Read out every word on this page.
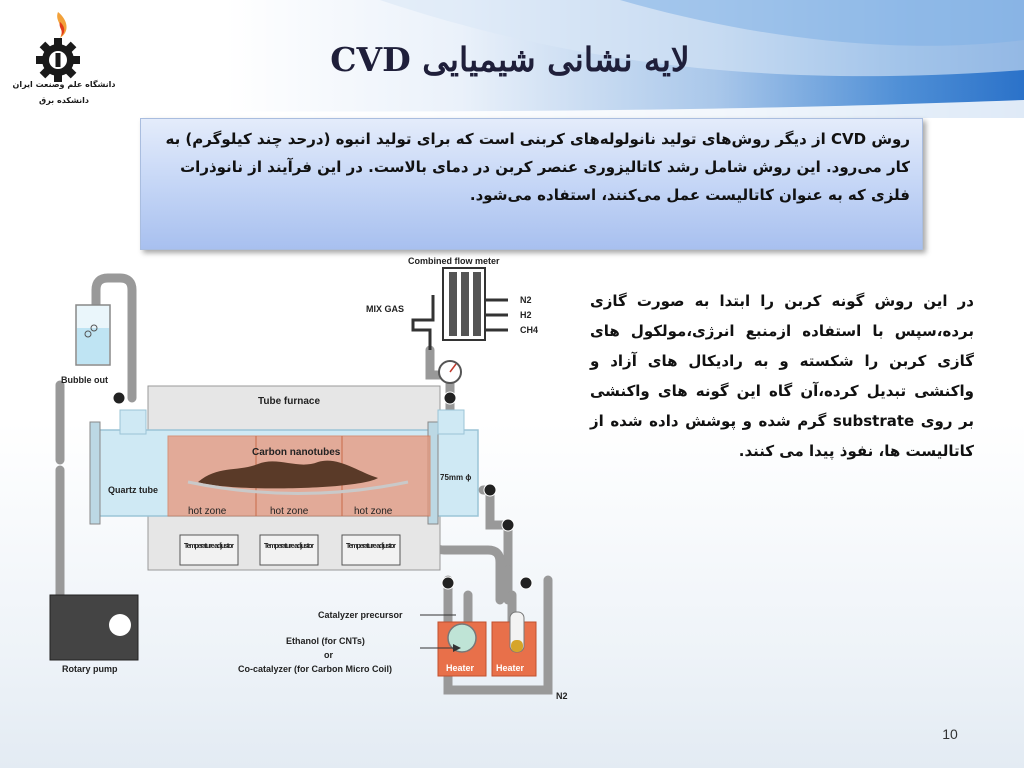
دانشگاه علم وصنعت ایران
دانشکده برق
لایه نشانی شیمیایی CVD
روش CVD از دیگر روش‌های تولید نانولوله‌های کربنی است که برای تولید انبوه (درحد چند کیلوگرم) به کار می‌رود. این روش شامل رشد کاتالیزوری عنصر کربن در دمای بالاست. در این فرآیند از نانوذرات فلزی که به عنوان کاتالیست عمل می‌کنند، استفاده می‌شود.
در این روش گونه کربن را ابتدا به صورت گازی برده،سپس با استفاده ازمنبع انرژی،مولکول های گازی کربن را شکسته و به رادیکال های آزاد و واکنشی تبدیل کرده،آن گاه این گونه های واکنشی بر روی substrate گرم شده و پوشش داده شده از کاتالیست ها، نفوذ پیدا می کنند.
Combined flow meter
MIX GAS
N2
H2
CH4
Bubble out
Tube furnace
Quartz tube
75mm ϕ
Carbon nanotubes
hot zone	hot zone	hot zone
Temperature adjustor	Temperature adjustor	Temperature adjustor
Rotary pump	Heater Heater
Catalyzer precursor
Ethanol (for CNTs)
or
Co-catalyzer (for Carbon Micro Coil)
N2
10
